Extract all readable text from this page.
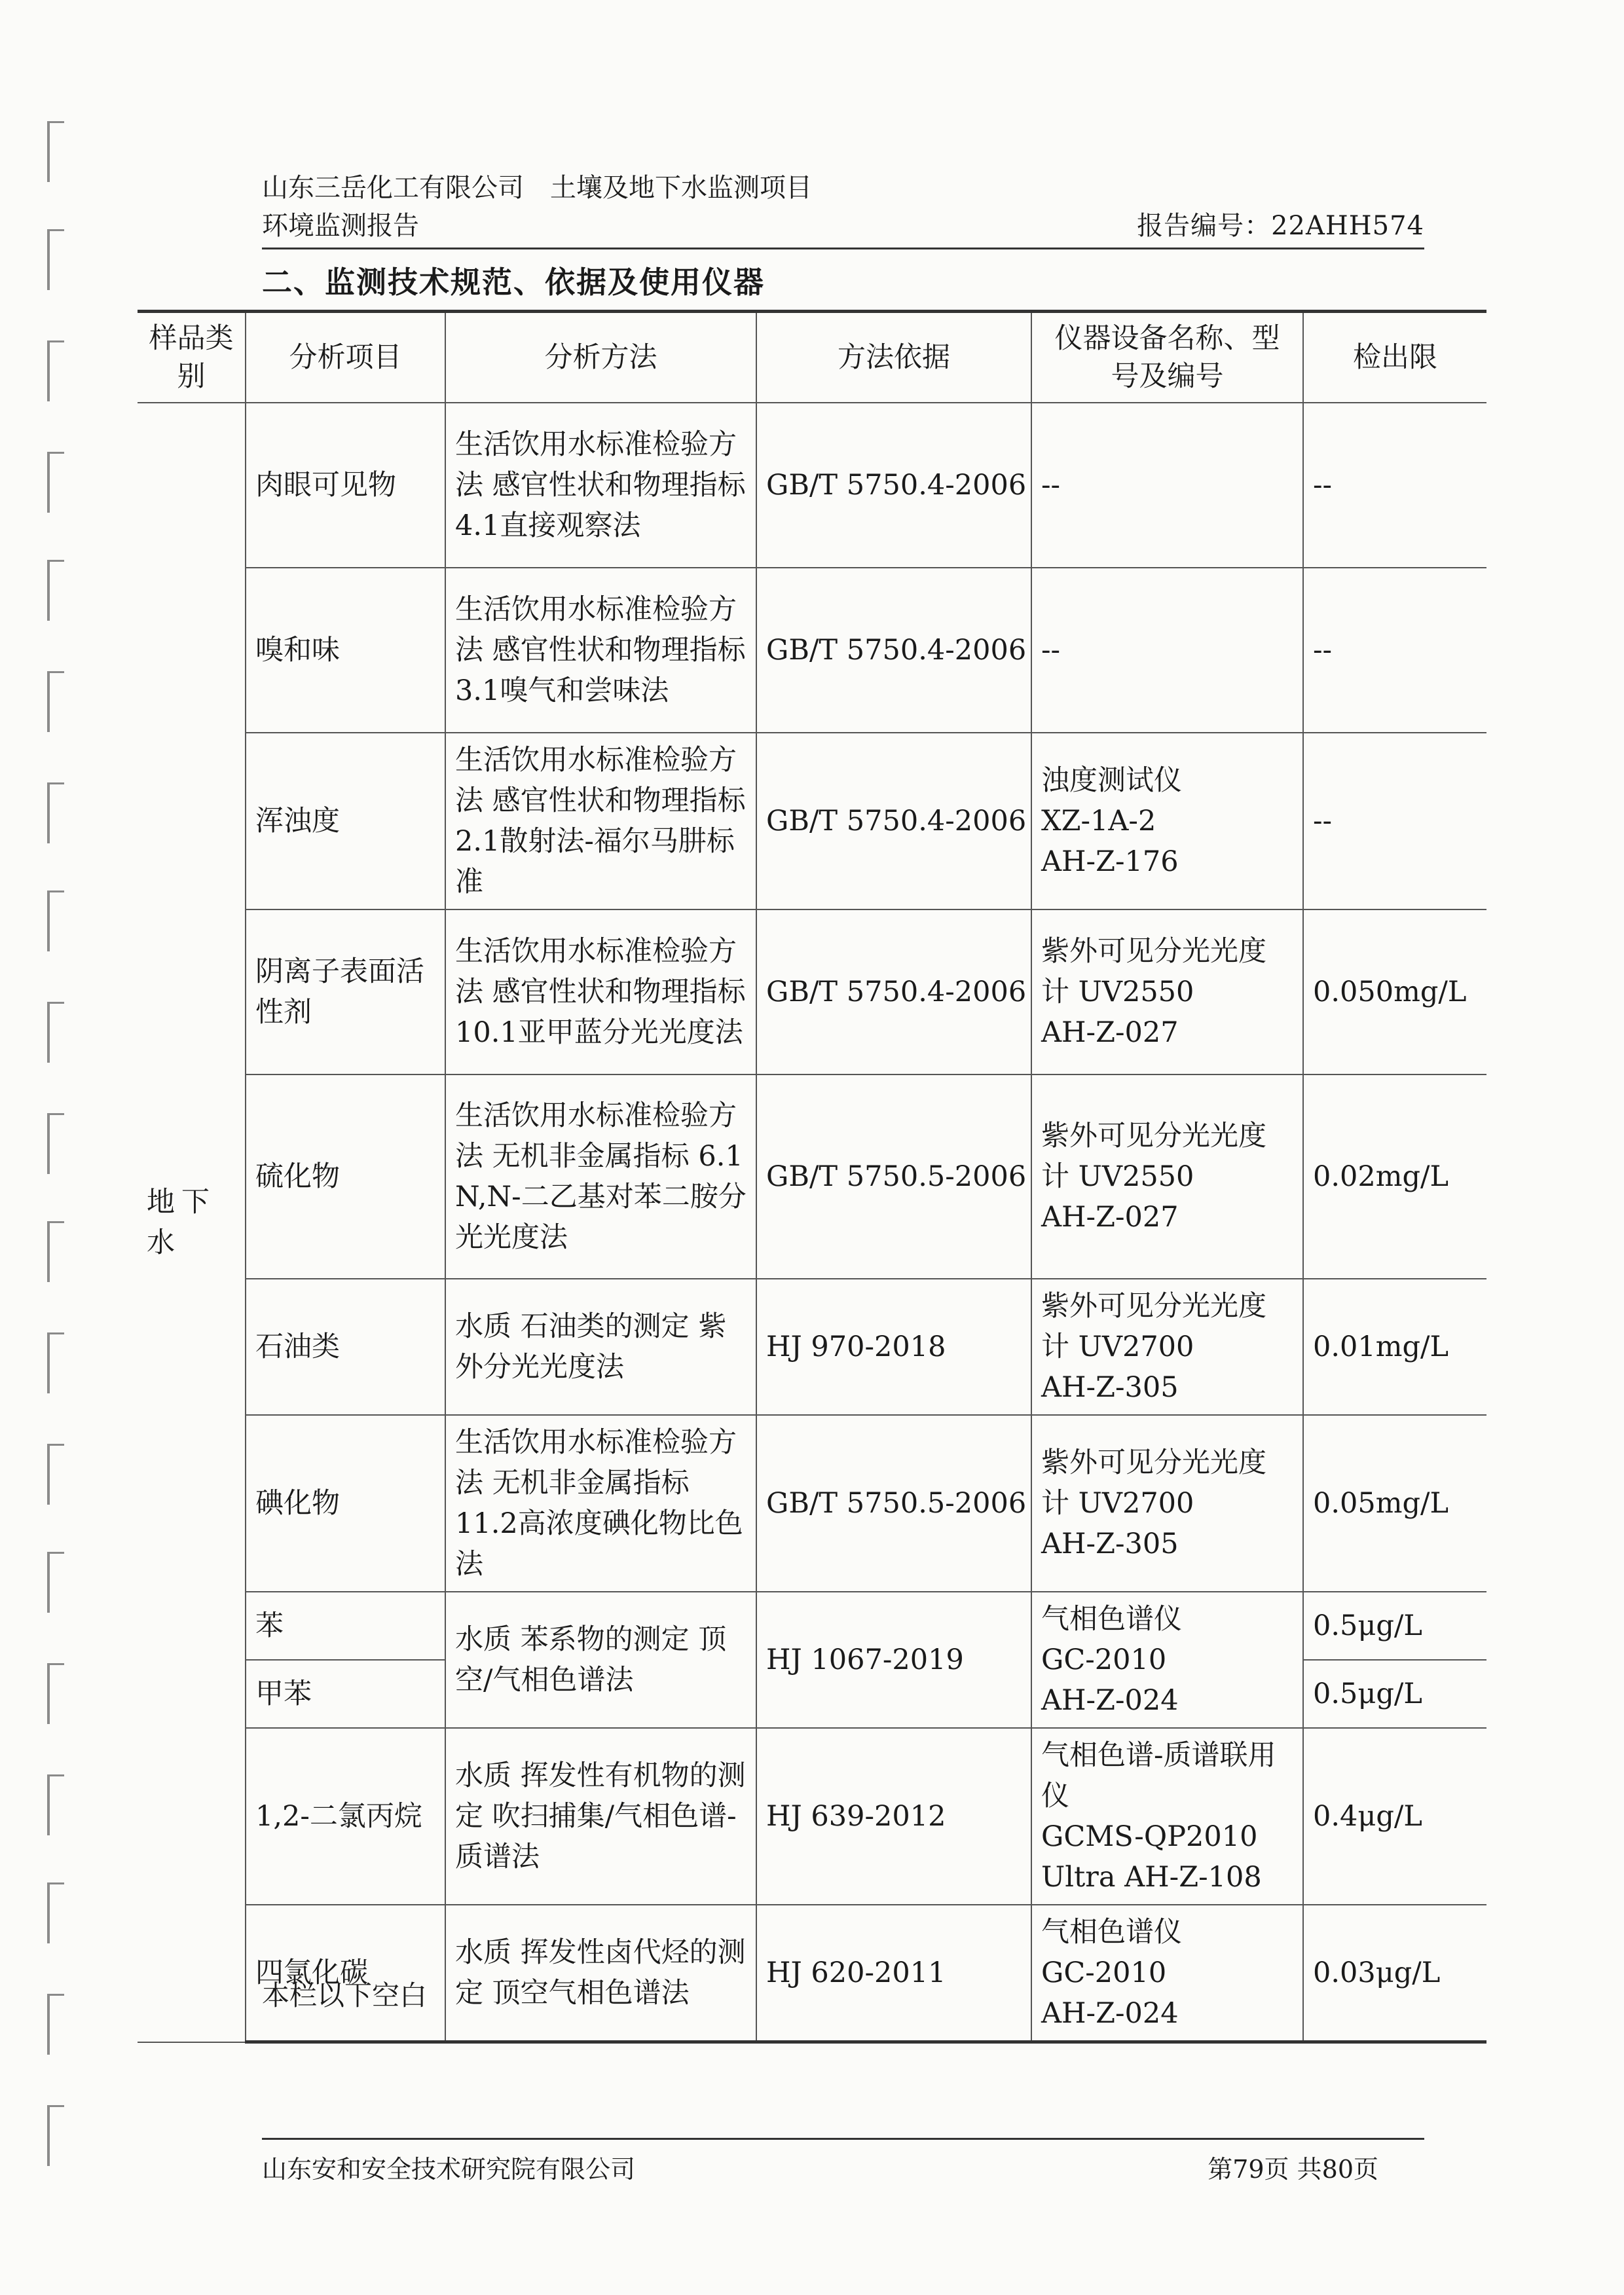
山东三岳化工有限公司　土壤及地下水监测项目
环境监测报告	报告编号：22AHH574
二、监测技术规范、依据及使用仪器
样品类别	分析项目	分析方法	方法依据	仪器设备名称、型号及编号	检出限
地下水	肉眼可见物	生活饮用水标准检验方法 感官性状和物理指标 4.1直接观察法	GB/T 5750.4-2006	--	--
	嗅和味	生活饮用水标准检验方法 感官性状和物理指标 3.1嗅气和尝味法	GB/T 5750.4-2006	--	--
	浑浊度	生活饮用水标准检验方法 感官性状和物理指标 2.1散射法-福尔马肼标准	GB/T 5750.4-2006	浊度测试仪
XZ-1A-2
AH-Z-176	--
	阴离子表面活性剂	生活饮用水标准检验方法 感官性状和物理指标 10.1亚甲蓝分光光度法	GB/T 5750.4-2006	紫外可见分光光度计 UV2550
AH-Z-027	0.050mg/L
	硫化物	生活饮用水标准检验方法 无机非金属指标 6.1 N,N-二乙基对苯二胺分光光度法	GB/T 5750.5-2006	紫外可见分光光度计 UV2550
AH-Z-027	0.02mg/L
	石油类	水质 石油类的测定 紫外分光光度法	HJ 970-2018	紫外可见分光光度计 UV2700
AH-Z-305	0.01mg/L
	碘化物	生活饮用水标准检验方法 无机非金属指标 11.2高浓度碘化物比色法	GB/T 5750.5-2006	紫外可见分光光度计 UV2700
AH-Z-305	0.05mg/L
	苯	水质 苯系物的测定 顶空/气相色谱法	HJ 1067-2019	气相色谱仪
GC-2010
AH-Z-024	0.5μg/L
	甲苯				0.5μg/L
	1,2-二氯丙烷	水质 挥发性有机物的测定 吹扫捕集/气相色谱-质谱法	HJ 639-2012	气相色谱-质谱联用仪
GCMS-QP2010
Ultra AH-Z-108	0.4μg/L
	四氯化碳	水质 挥发性卤代烃的测定 顶空气相色谱法	HJ 620-2011	气相色谱仪
GC-2010
AH-Z-024	0.03μg/L
本栏以下空白
山东安和安全技术研究院有限公司	第79页 共80页
